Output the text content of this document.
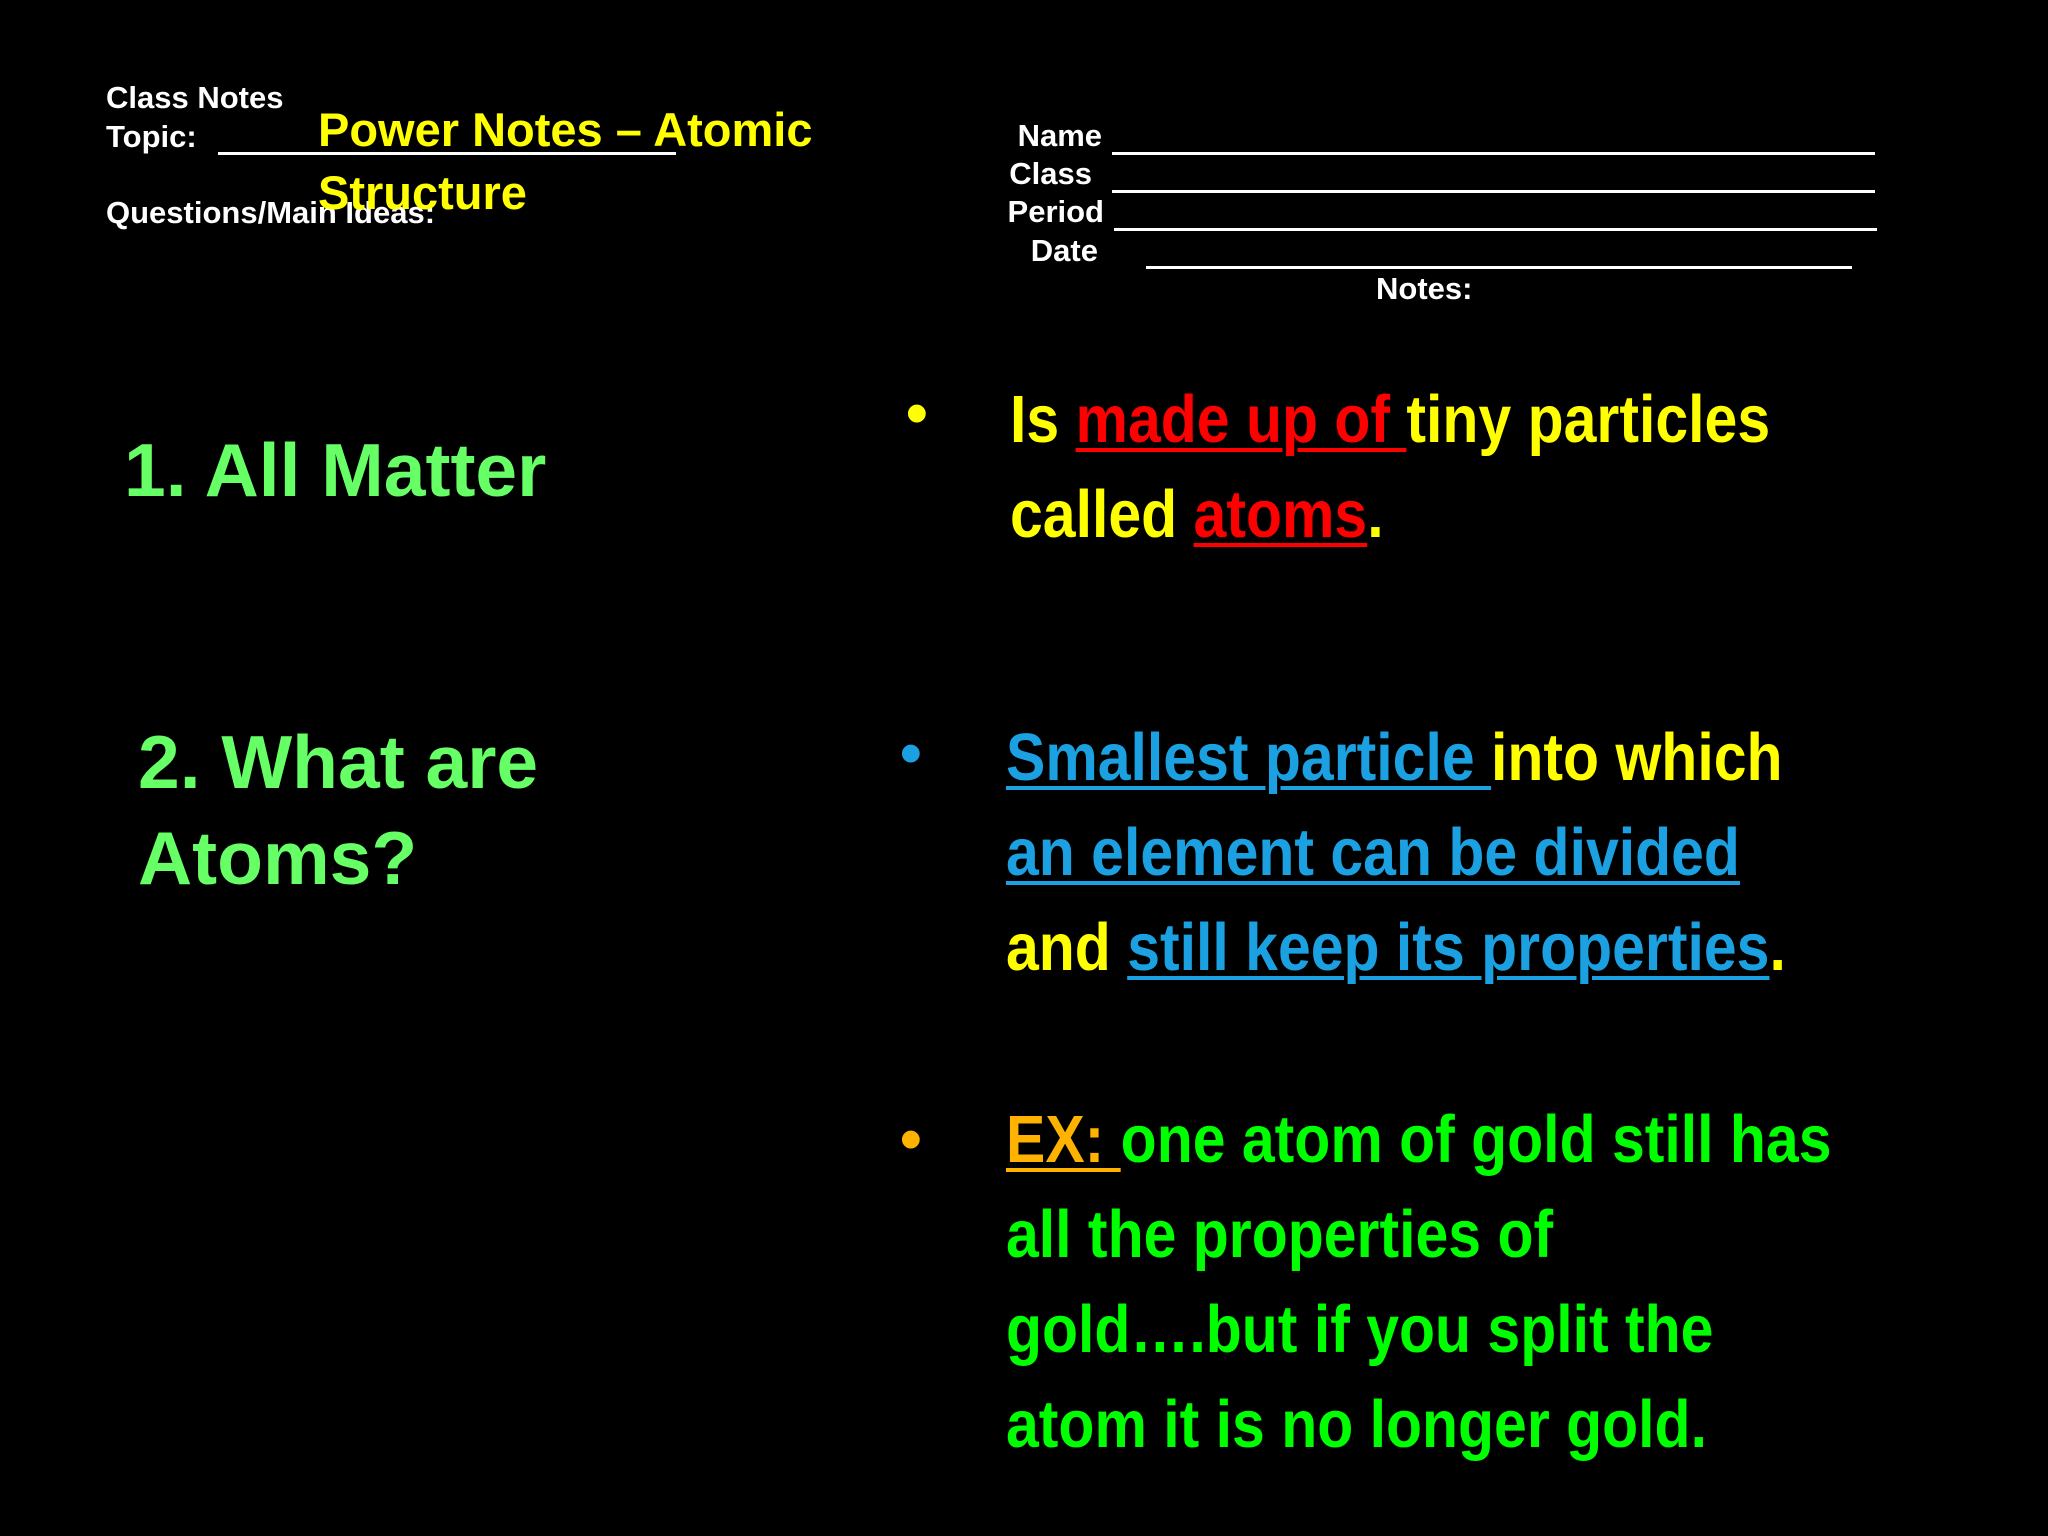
Class Notes
Topic:
Questions/Main Ideas:
Power Notes – Atomic
Structure
Name
Class
Period
Date
Notes:
1. All Matter
2. What are
Atoms?
• Is made up of tiny particles
called atoms.
• Smallest particle into which
an element can be divided
and still keep its properties.
• EX: one atom of gold still has
all the properties of
gold….but if you split the
atom it is no longer gold.
